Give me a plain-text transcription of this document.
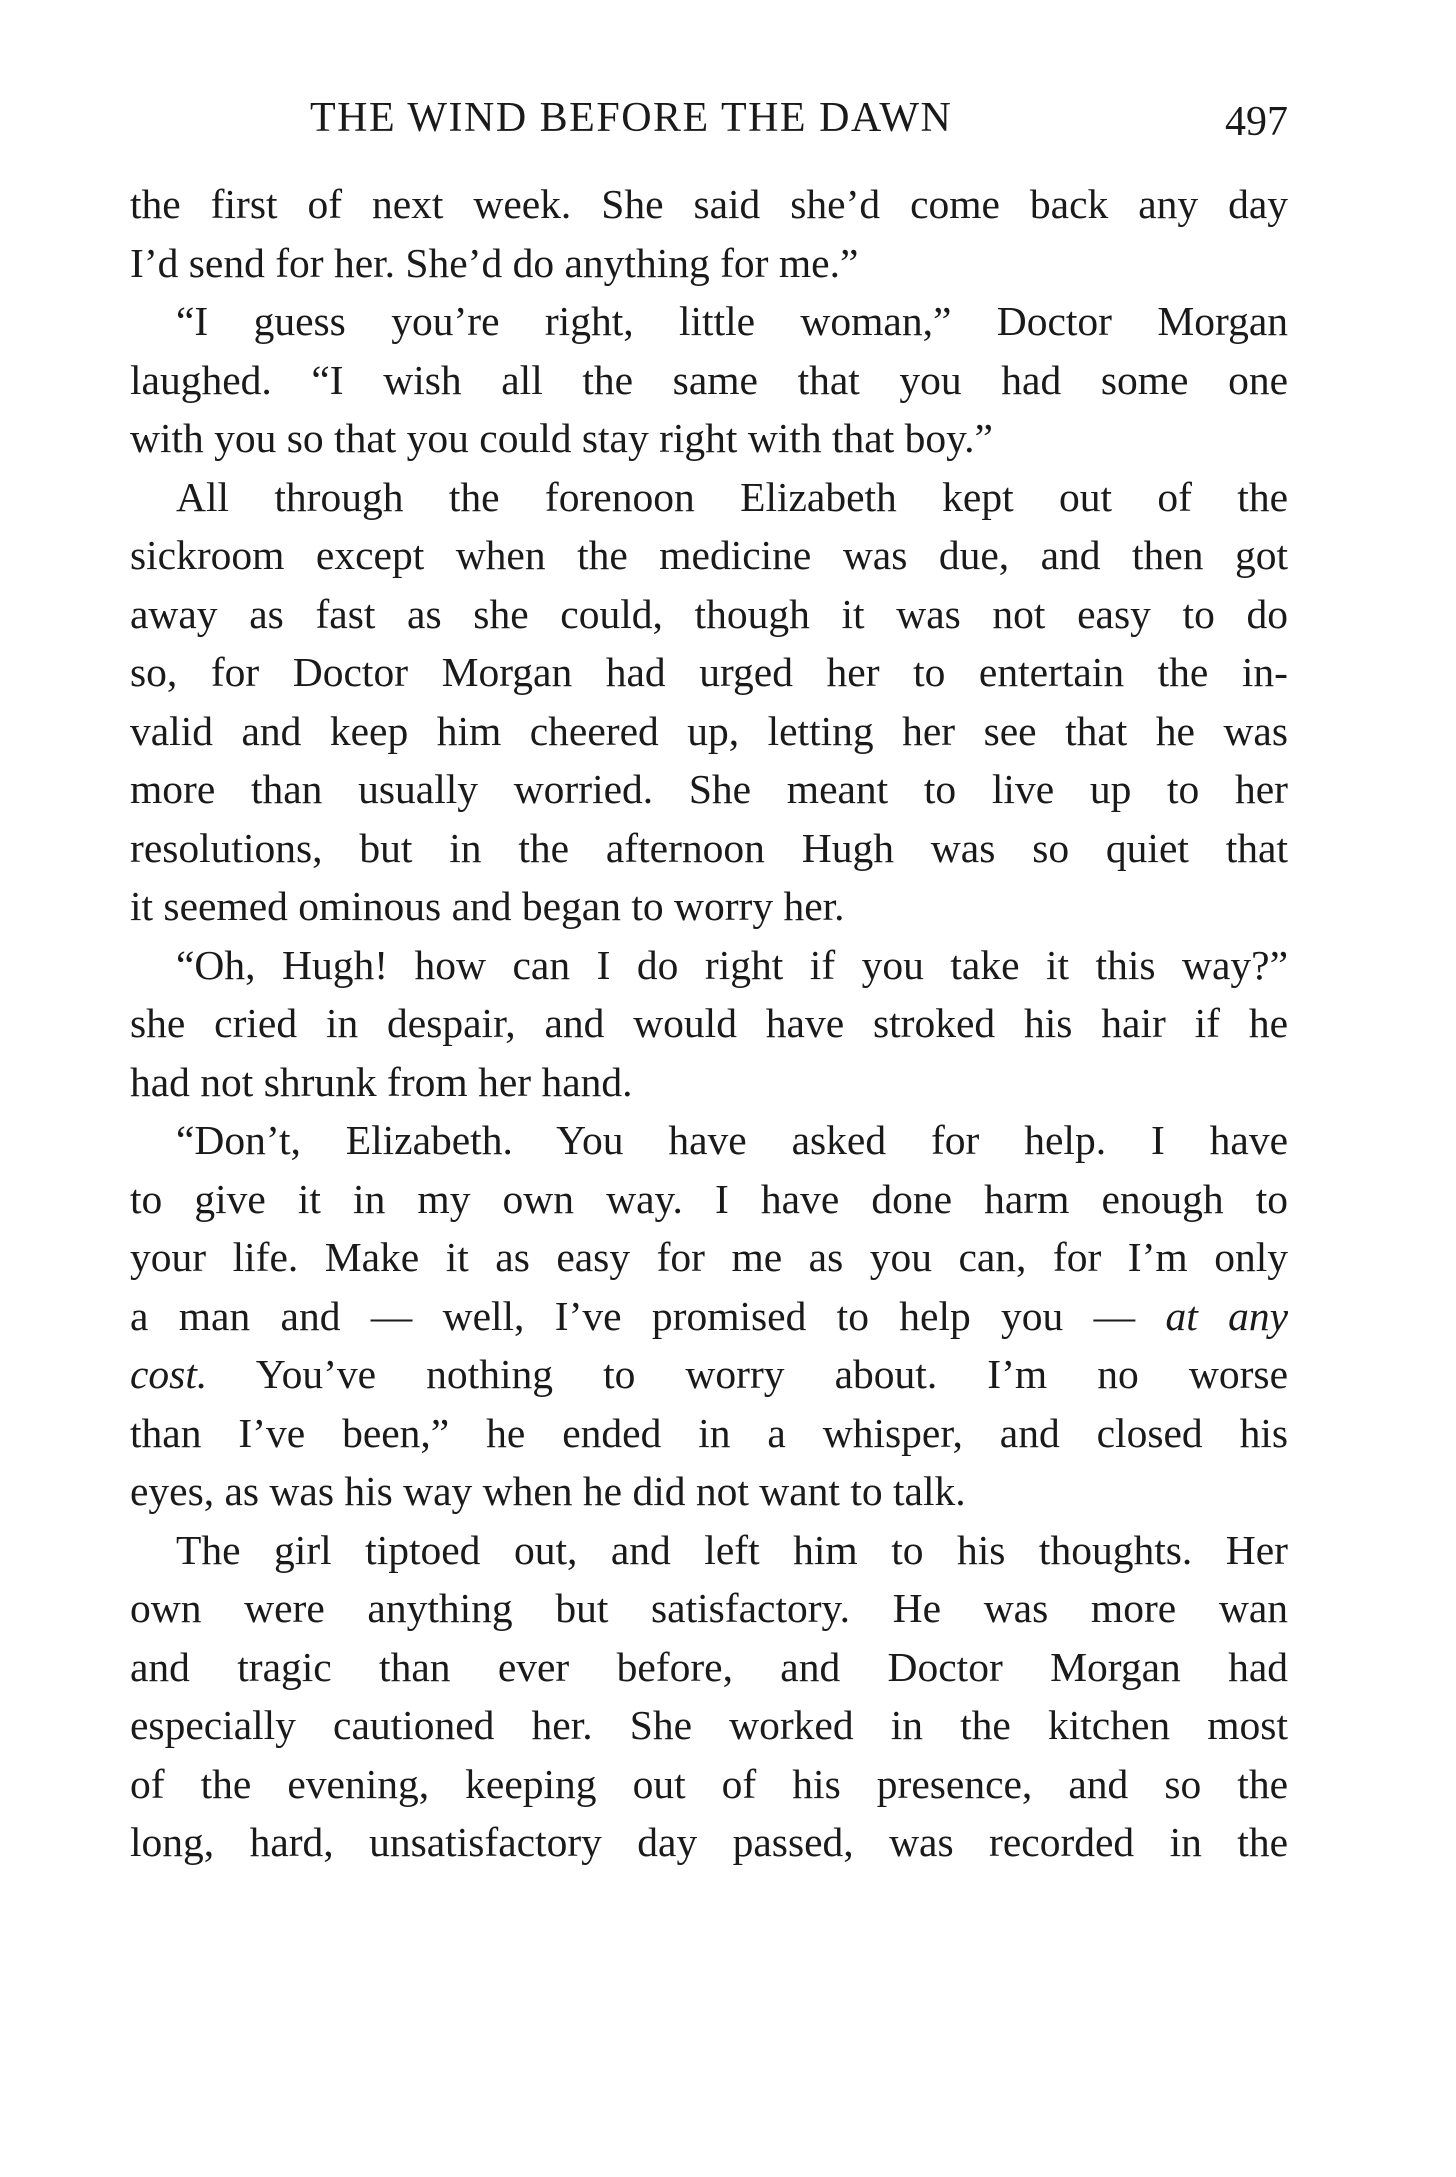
THE WIND BEFORE THE DAWN	497
the first of next week. She said she’d come back any day
I’d send for her. She’d do anything for me.”
“I guess you’re right, little woman,” Doctor Morgan
laughed. “I wish all the same that you had some one
with you so that you could stay right with that boy.”
All through the forenoon Elizabeth kept out of the
sickroom except when the medicine was due, and then got
away as fast as she could, though it was not easy to do
so, for Doctor Morgan had urged her to entertain the in-
valid and keep him cheered up, letting her see that he was
more than usually worried. She meant to live up to her
resolutions, but in the afternoon Hugh was so quiet that
it seemed ominous and began to worry her.
“Oh, Hugh! how can I do right if you take it this way?”
she cried in despair, and would have stroked his hair if he
had not shrunk from her hand.
“Don’t, Elizabeth. You have asked for help. I have
to give it in my own way. I have done harm enough to
your life. Make it as easy for me as you can, for I’m only
a man and — well, I’ve promised to help you — at any
cost. You’ve nothing to worry about. I’m no worse
than I’ve been,” he ended in a whisper, and closed his
eyes, as was his way when he did not want to talk.
The girl tiptoed out, and left him to his thoughts. Her
own were anything but satisfactory. He was more wan
and tragic than ever before, and Doctor Morgan had
especially cautioned her. She worked in the kitchen most
of the evening, keeping out of his presence, and so the
long, hard, unsatisfactory day passed, was recorded in the
